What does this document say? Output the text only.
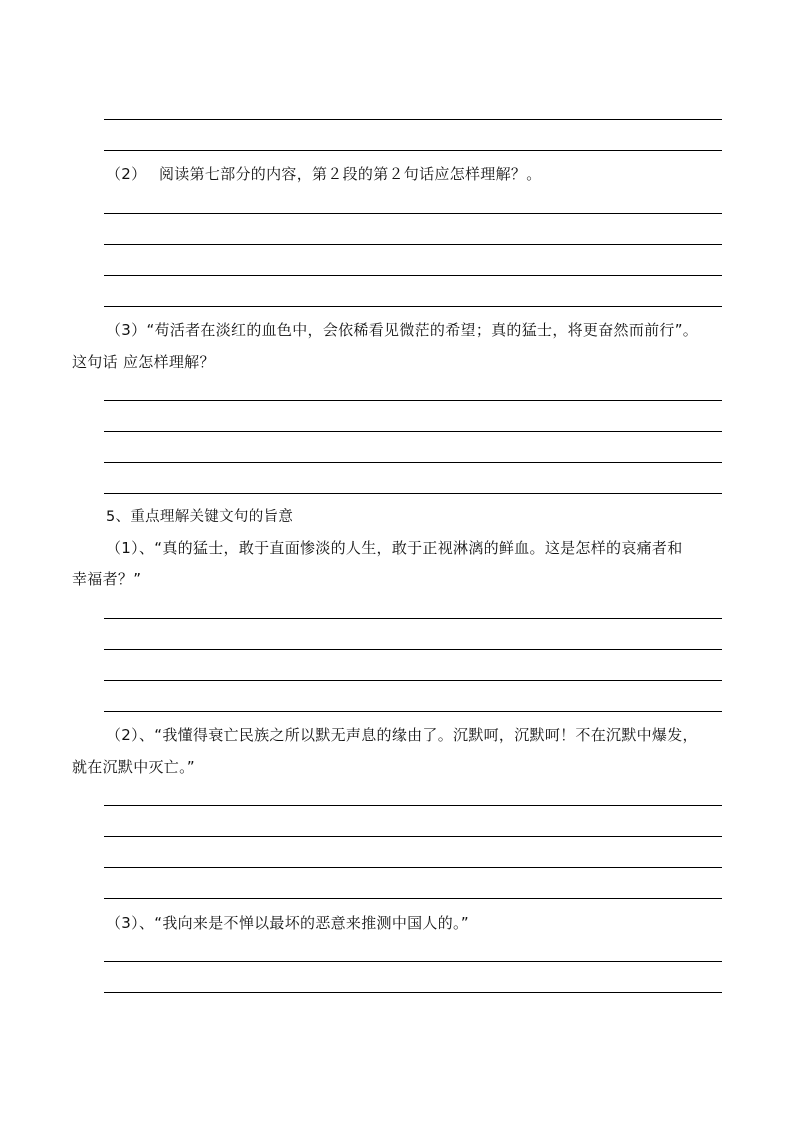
（2） 阅读第七部分的内容，第２段的第２句话应怎样理解？。
（3）“苟活者在淡红的血色中，会依稀看见微茫的希望；真的猛士，将更奋然而前行”。
这句话 应怎样理解？
5、重点理解关键文句的旨意
（1）、“真的猛士，敢于直面惨淡的人生，敢于正视淋漓的鲜血。这是怎样的哀痛者和
幸福者？”
（2）、“我懂得衰亡民族之所以默无声息的缘由了。沉默呵，沉默呵！不在沉默中爆发，
就在沉默中灭亡。”
（3）、“我向来是不惮以最坏的恶意来推测中国人的。”
